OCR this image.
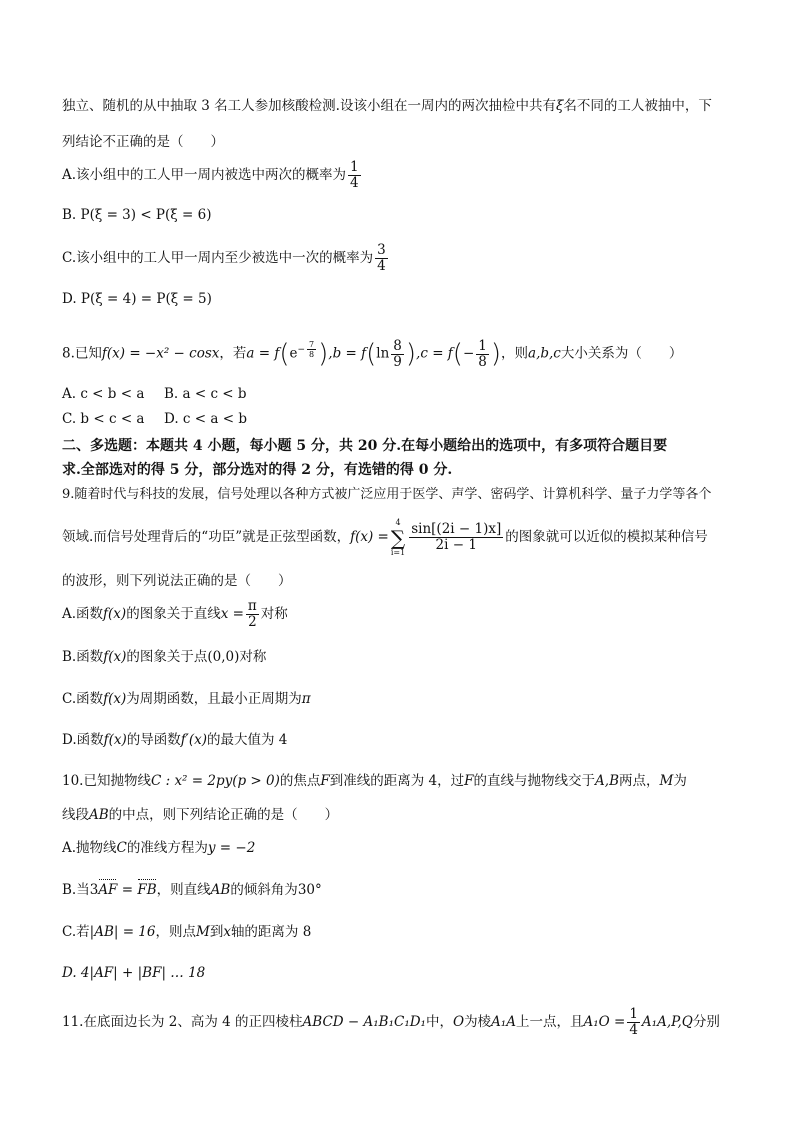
独立、随机的从中抽取 3 名工人参加核酸检测.设该小组在一周内的两次抽检中共有ξ名不同的工人被抽中，下
列结论不正确的是（　　）
A.该小组中的工人甲一周内被选中两次的概率为 $\frac{1}{4}$
B. P(ξ = 3) < P(ξ = 6)
C.该小组中的工人甲一周内至少被选中一次的概率为 $\frac{3}{4}$
D. P(ξ = 4) = P(ξ = 5)
8.已知f(x) = −x² − cosx，若$a = f(e^{- \frac{7}{8}}$ )$,b = f(\ln \frac{8}{9} ),c = f(- \frac{1}{8}$ )，则a,b,c大小关系为（　　）
A. c < b < a B. a < c < b
C. b < c < a D. c < a < b
二、多选题：本题共 4 小题，每小题 5 分，共 20 分.在每小题给出的选项中，有多项符合题目要
求.全部选对的得 5 分，部分选对的得 2 分，有选错的得 0 分.
9.随着时代与科技的发展，信号处理以各种方式被广泛应用于医学、声学、密码学、计算机科学、量子力学等各个
领域.而信号处理背后的“功臣”就是正弦型函数，f(x) =
4
∑
$i=1 \frac{\sin[(2i - 1)x]}{2i - 1}$ 的图象就可以近似的模拟某种信号
的波形，则下列说法正确的是（　　）
A.函数f(x)的图象关于直线$x = \frac{\pi}{2}$ 对称
B.函数f(x)的图象关于点(0,0)对称
C.函数f(x)为周期函数，且最小正周期为π
D.函数f(x)的导函数f′(x)的最大值为 4
10.已知抛物线C : x² = 2py(p > 0)的焦点F到准线的距离为 4，过F的直线与抛物线交于A,B两点，M为
线段AB的中点，则下列结论正确的是（　　）
A.抛物线C的准线方程为y = −2
B.当3AF = FB，则直线AB的倾斜角为30°
C.若|AB| = 16，则点M到x轴的距离为 8
D. 4|AF| + |BF| … 18
11.在底面边长为 2、高为 4 的正四棱柱ABCD − A₁B₁C₁D₁中，O为棱A₁A上一点，且$A_1O = \frac{1}{4} A_1A,P,Q$分别
